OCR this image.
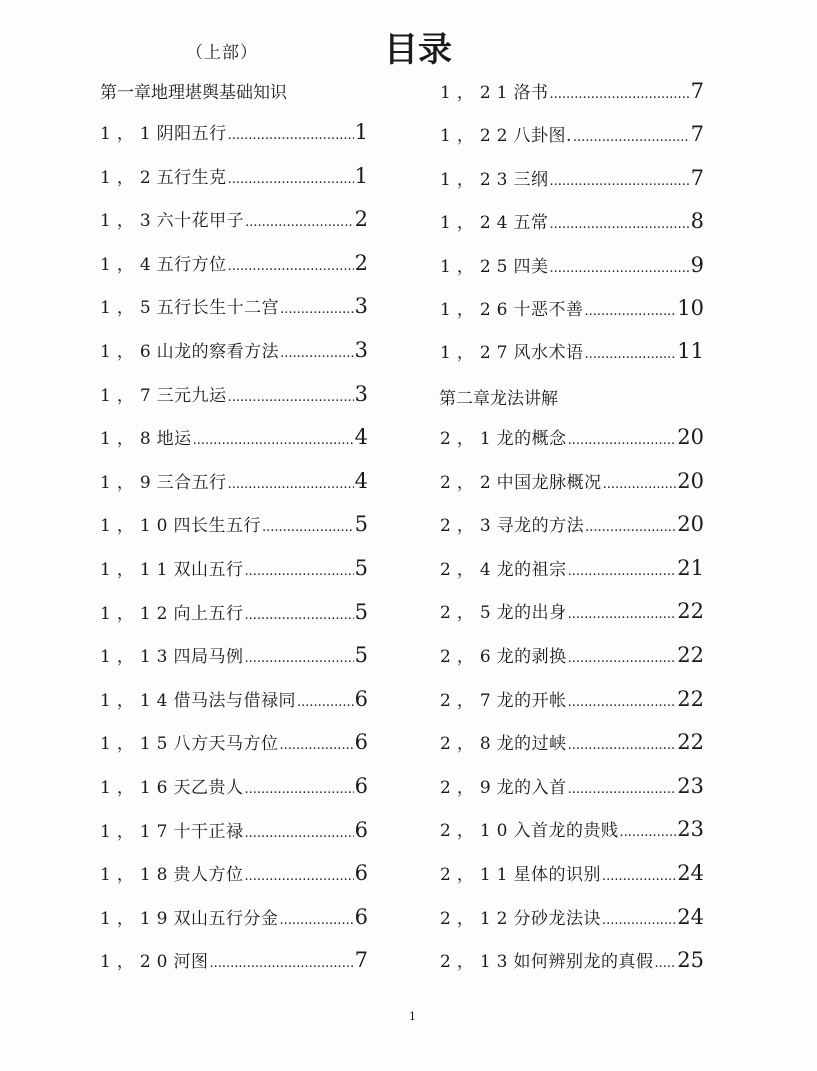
（上部）	目录
第一章地理堪舆基础知识
第二章龙法讲解
1，1 阴阳五行 .....	1
1，2 五行生克 .....	1
1，3 六十花甲子 .....	2
1，4 五行方位 .....	2
1，5 五行长生十二宫 .....	3
1，6 山龙的察看方法 .....	3
1，7 三元九运 .....	3
1，8 地运 .....	4
1，9 三合五行 .....	4
1，10 四长生五行 .....	5
1，11 双山五行 .....	5
1，12 向上五行 .....	5
1，13 四局马例 .....	5
1，14 借马法与借禄同 .....	6
1，15 八方天马方位 .....	6
1，16 天乙贵人 .....	6
1，17 十干正禄 .....	6
1，18 贵人方位 .....	6
1，19 双山五行分金 .....	6
1，20 河图 .....	7
1，21 洛书 .....	7
1，22 八卦图. .....	7
1，23 三纲 .....	7
1，24 五常 .....	8
1，25 四美 .....	9
1，26 十恶不善 .....	10
1，27 风水术语 .....	11
2，1 龙的概念 .....	20
2，2 中国龙脉概况 .....	20
2，3 寻龙的方法 .....	20
2，4 龙的祖宗 .....	21
2，5 龙的出身 .....	22
2，6 龙的剥换 .....	22
2，7 龙的开帐 .....	22
2，8 龙的过峡 .....	22
2，9 龙的入首 .....	23
2，10 入首龙的贵贱 .....	23
2，11 星体的识别 .....	24
2，12 分砂龙法诀 .....	24
2，13 如何辨别龙的真假 ..... 25
1
